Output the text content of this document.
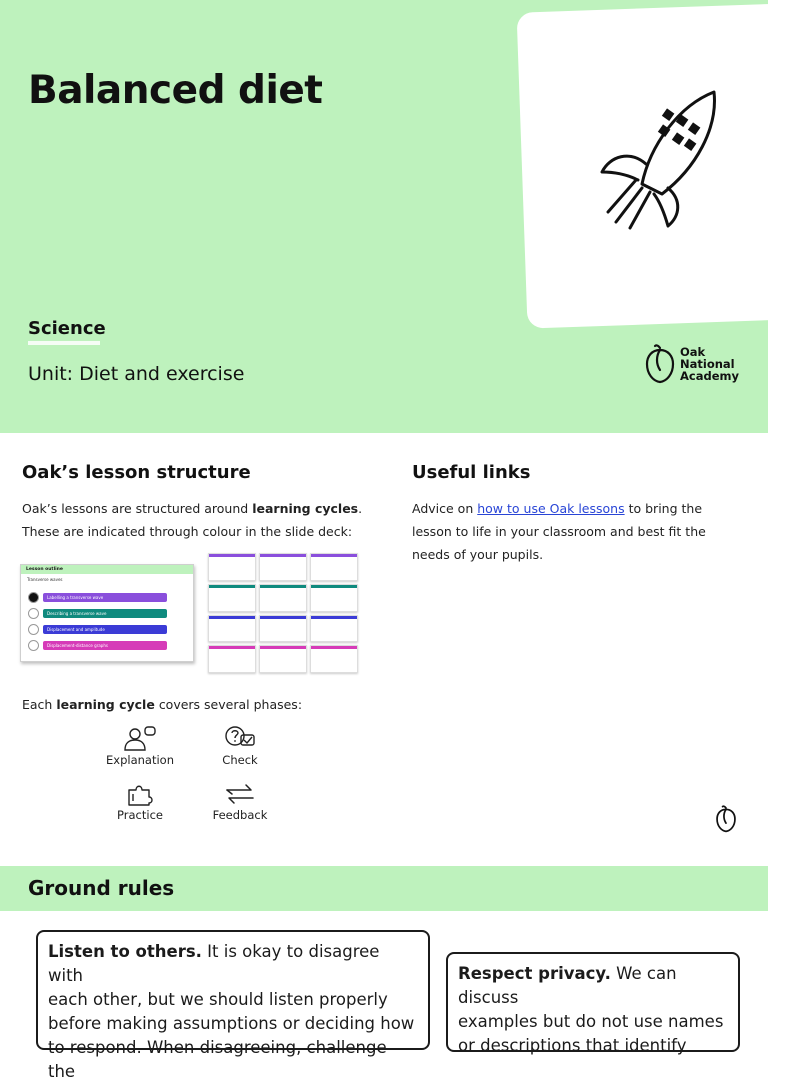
Balanced diet
Science
Unit: Diet and exercise
Oak
National
Academy
Oak’s lesson structure

Oak’s lessons are structured around learning cycles.
These are indicated through colour in the slide deck:

Lesson outline
Transverse waves
Labelling a transverse wave
Describing a transverse wave
Displacement and amplitude
Displacement-distance graphs

Each learning cycle covers several phases:

Explanation	Check
Practice	Feedback
Useful links

Advice on how to use Oak lessons to bring the
lesson to life in your classroom and best fit the
needs of your pupils.

Ground rules
Listen to others. It is okay to disagree with
each other, but we should listen properly
before making assumptions or deciding how
to respond. When disagreeing, challenge the
Respect privacy. We can discuss
examples but do not use names
or descriptions that identify
